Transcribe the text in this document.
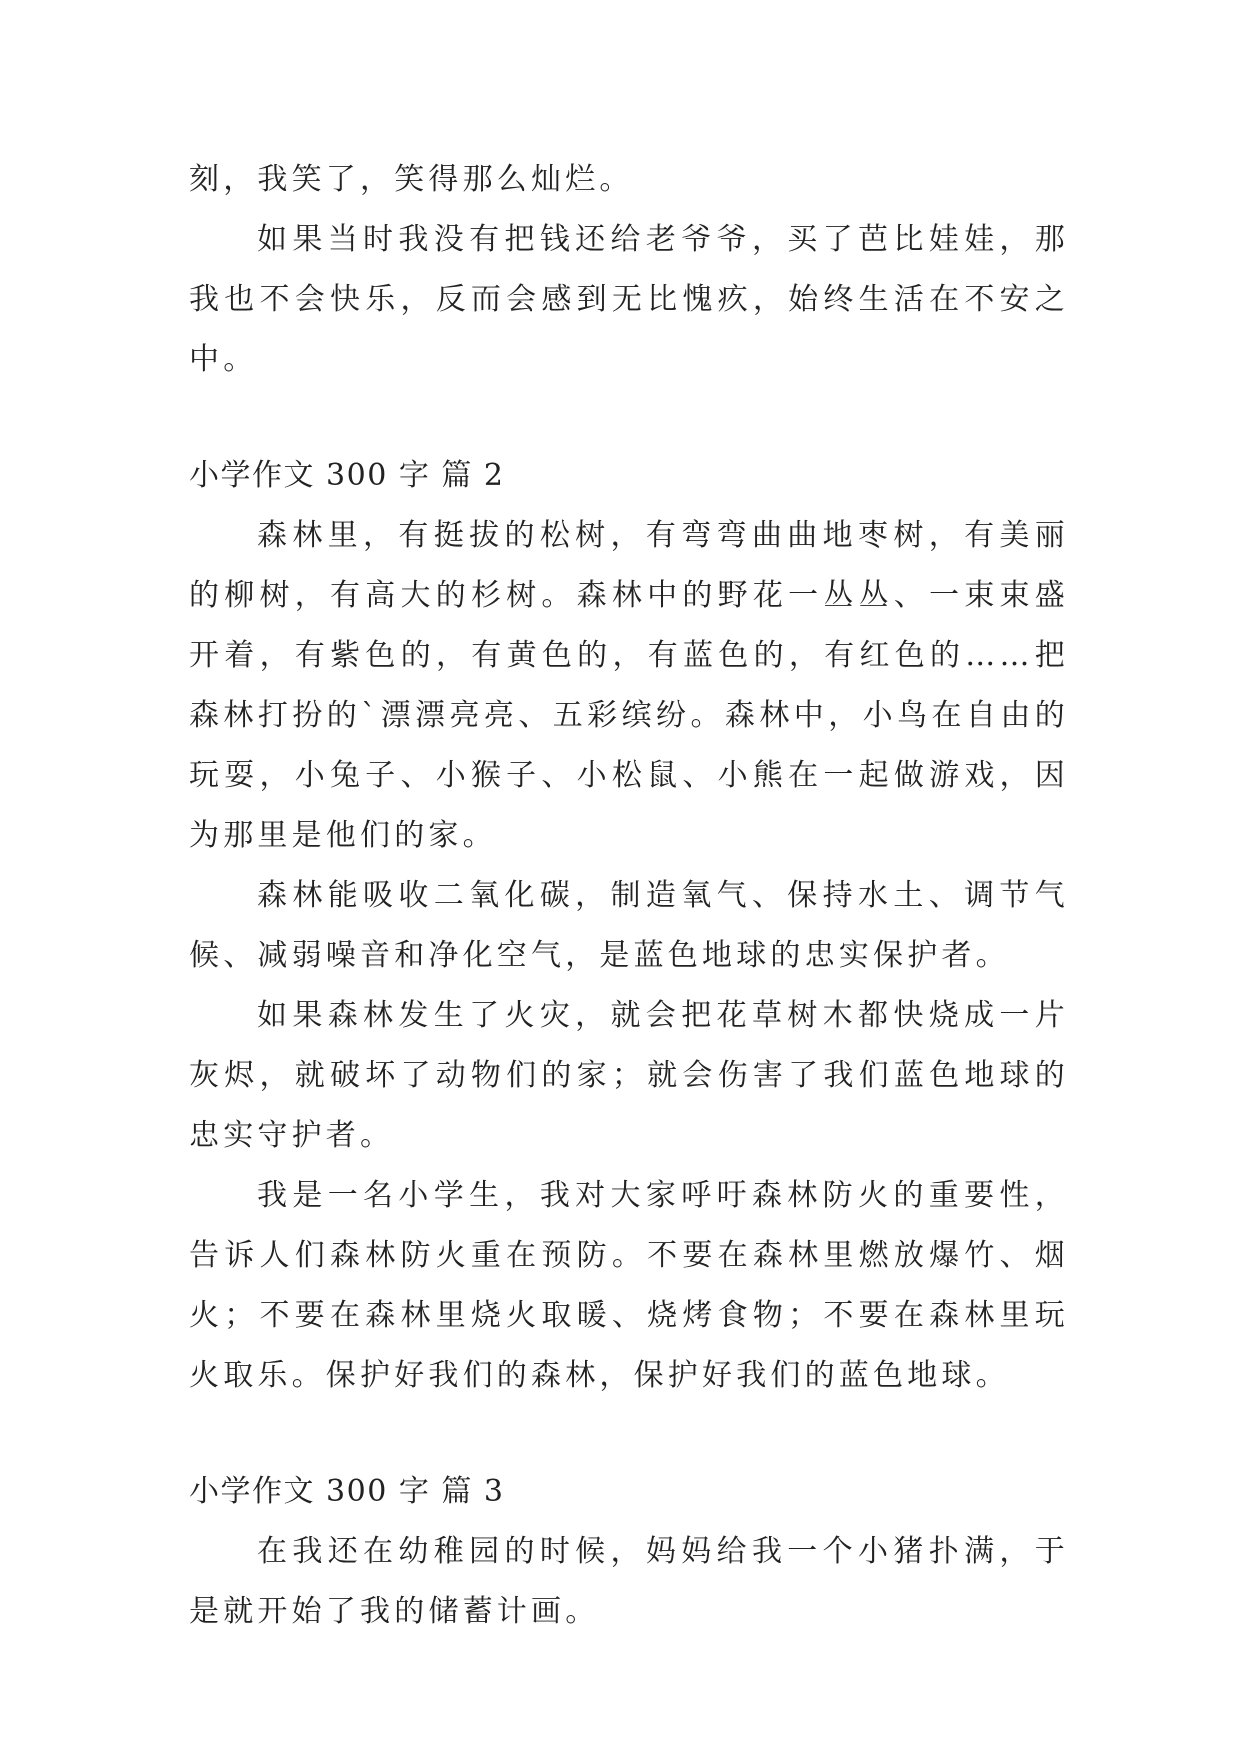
刻，我笑了，笑得那么灿烂。

如果当时我没有把钱还给老爷爷，买了芭比娃娃，那我也不会快乐，反而会感到无比愧疚，始终生活在不安之中。

小学作文 300 字 篇 2

森林里，有挺拔的松树，有弯弯曲曲地枣树，有美丽的柳树，有高大的杉树。森林中的野花一丛丛、一束束盛开着，有紫色的，有黄色的，有蓝色的，有红色的……把森林打扮的`漂漂亮亮、五彩缤纷。森林中，小鸟在自由的玩耍，小兔子、小猴子、小松鼠、小熊在一起做游戏，因为那里是他们的家。

森林能吸收二氧化碳，制造氧气、保持水土、调节气候、减弱噪音和净化空气，是蓝色地球的忠实保护者。

如果森林发生了火灾，就会把花草树木都快烧成一片灰烬，就破坏了动物们的家；就会伤害了我们蓝色地球的忠实守护者。

我是一名小学生，我对大家呼吁森林防火的重要性，告诉人们森林防火重在预防。不要在森林里燃放爆竹、烟火；不要在森林里烧火取暖、烧烤食物；不要在森林里玩火取乐。保护好我们的森林，保护好我们的蓝色地球。

小学作文 300 字 篇 3

在我还在幼稚园的时候，妈妈给我一个小猪扑满，于是就开始了我的储蓄计画。
